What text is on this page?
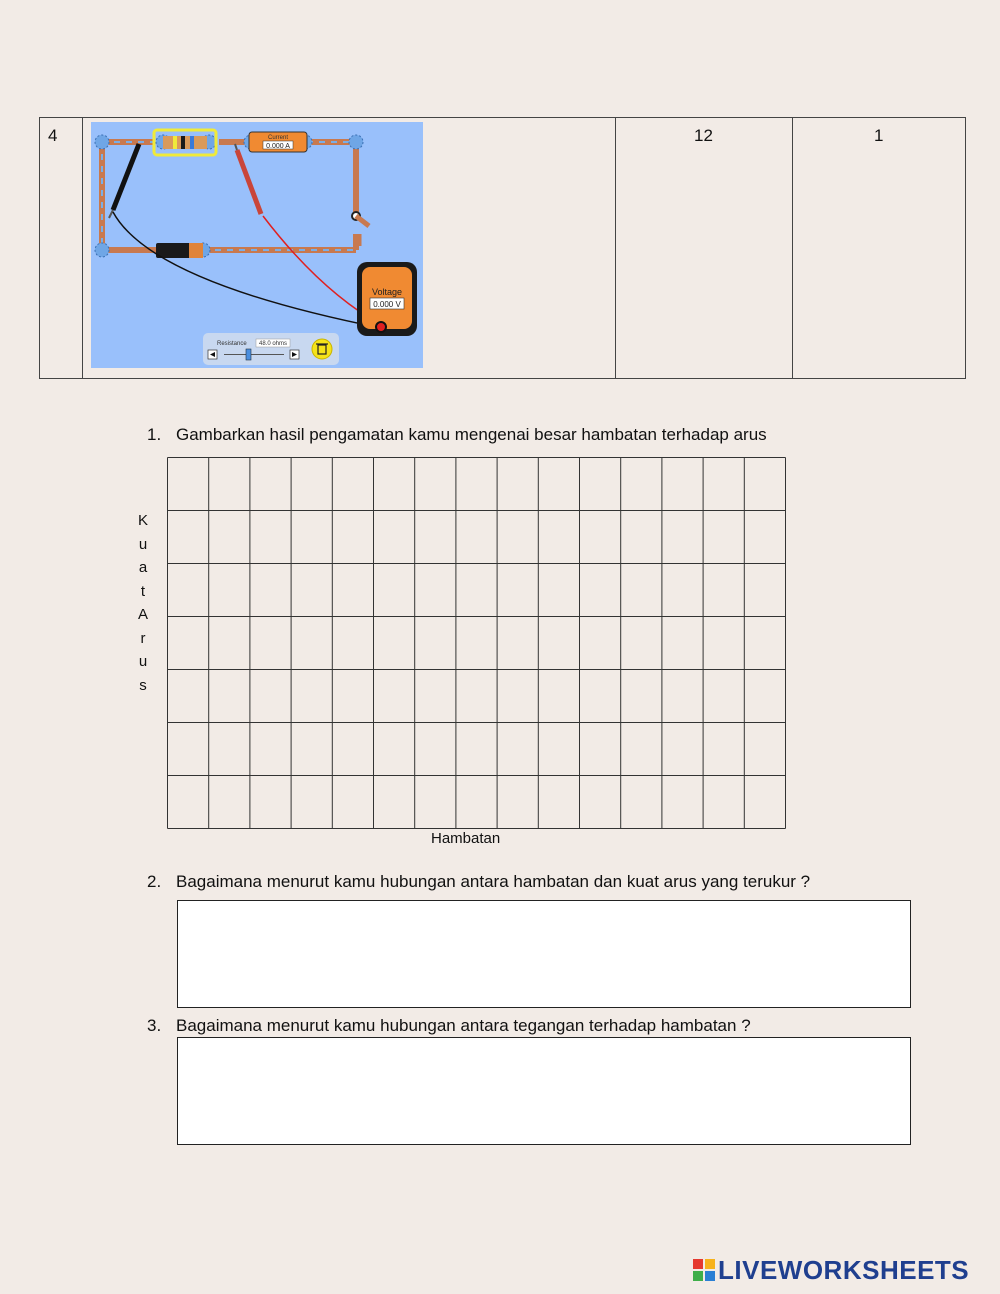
4	12	1
Current
0.000 A
Voltage
0.000 V
Resistance 48.0 ohms
1. Gambarkan hasil pengamatan kamu mengenai besar hambatan terhadap arus
K
u
a
t
A
r
u
s
Hambatan
2. Bagaimana menurut kamu hubungan antara hambatan dan kuat arus yang terukur ?
3. Bagaimana menurut kamu hubungan antara tegangan terhadap hambatan ?
LIVEWORKSHEETS
